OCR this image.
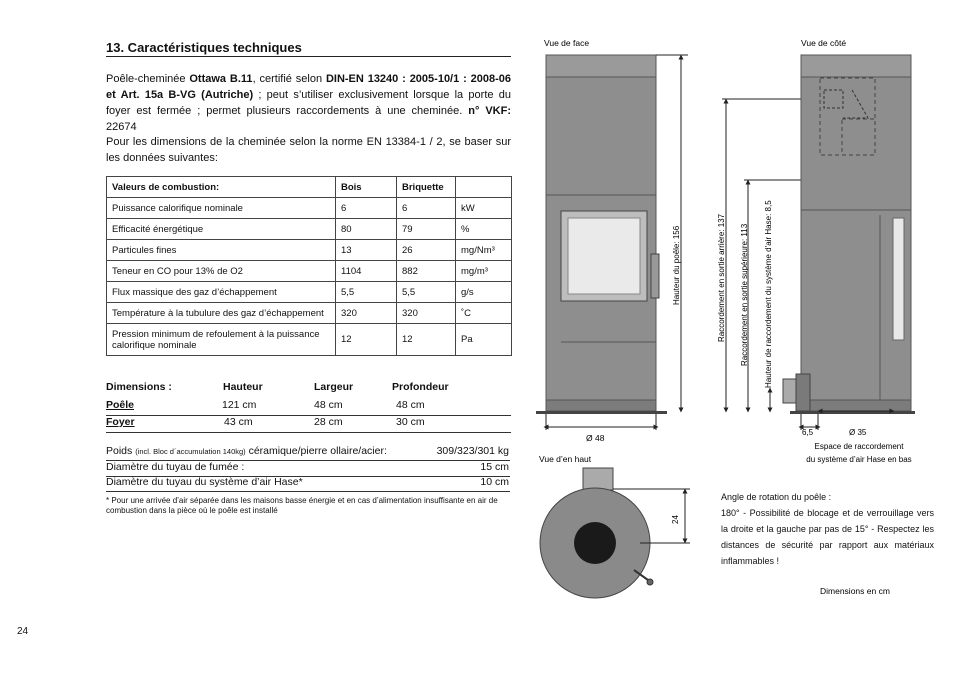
13. Caractéristiques techniques
Poêle-cheminée Ottawa B.11, certifié selon DIN-EN 13240 : 2005-10/1 : 2008-06 et Art. 15a B-VG (Autriche) ; peut s’utiliser exclusivement lorsque la porte du foyer est fermée ; permet plusieurs raccordements à une cheminée. n° VKF: 22674
Pour les dimensions de la cheminée selon la norme EN 13384-1 / 2, se baser sur les données suivantes:
Valeurs de combustion:	Bois	Briquette	
Puissance calorifique nominale	6	6	kW
Efficacité énergétique	80	79	%
Particules fines	13	26	mg/Nm³
Teneur en CO pour 13% de O2	1104	882	mg/m³
Flux massique des gaz d’échappement	5,5	5,5	g/s
Température à la tubulure des gaz d’échappement	320	320	˚C
Pression minimum de refoulement à la puissance calorifique nominale	12	12	Pa
Dimensions :	Hauteur	Largeur	Profondeur
Poêle	121 cm	48 cm	48 cm
Foyer	43 cm	28 cm	30 cm
Poids (incl. Bloc d´accumulation 140kg) céramique/pierre ollaire/acier:	309/323/301 kg
Diamètre du tuyau de fumée :	15 cm
Diamètre du tuyau du système d’air Hase*	10 cm
* Pour une arrivée d’air séparée dans les maisons basse énergie et en cas d’alimentation insuffisante en air de combustion dans la pièce où le poêle est installé
24
Vue de face	Vue de côté
Vue d’en haut
Ø 48
Hauteur du poêle: 156	Raccordement en sortie arrière: 137 Raccordement en sortie supérieure: 113 Hauteur de raccordement du système d’air Hase: 8,5
6,5	Ø 35
Espace de raccordement
du système d’air Hase en bas
24
Dimensions en cm
Angle de rotation du poêle :
180° - Possibilité de blocage et de verrouillage vers la droite et la gauche par pas de 15° - Respectez les distances de sécurité par rapport aux matériaux inflammables !
